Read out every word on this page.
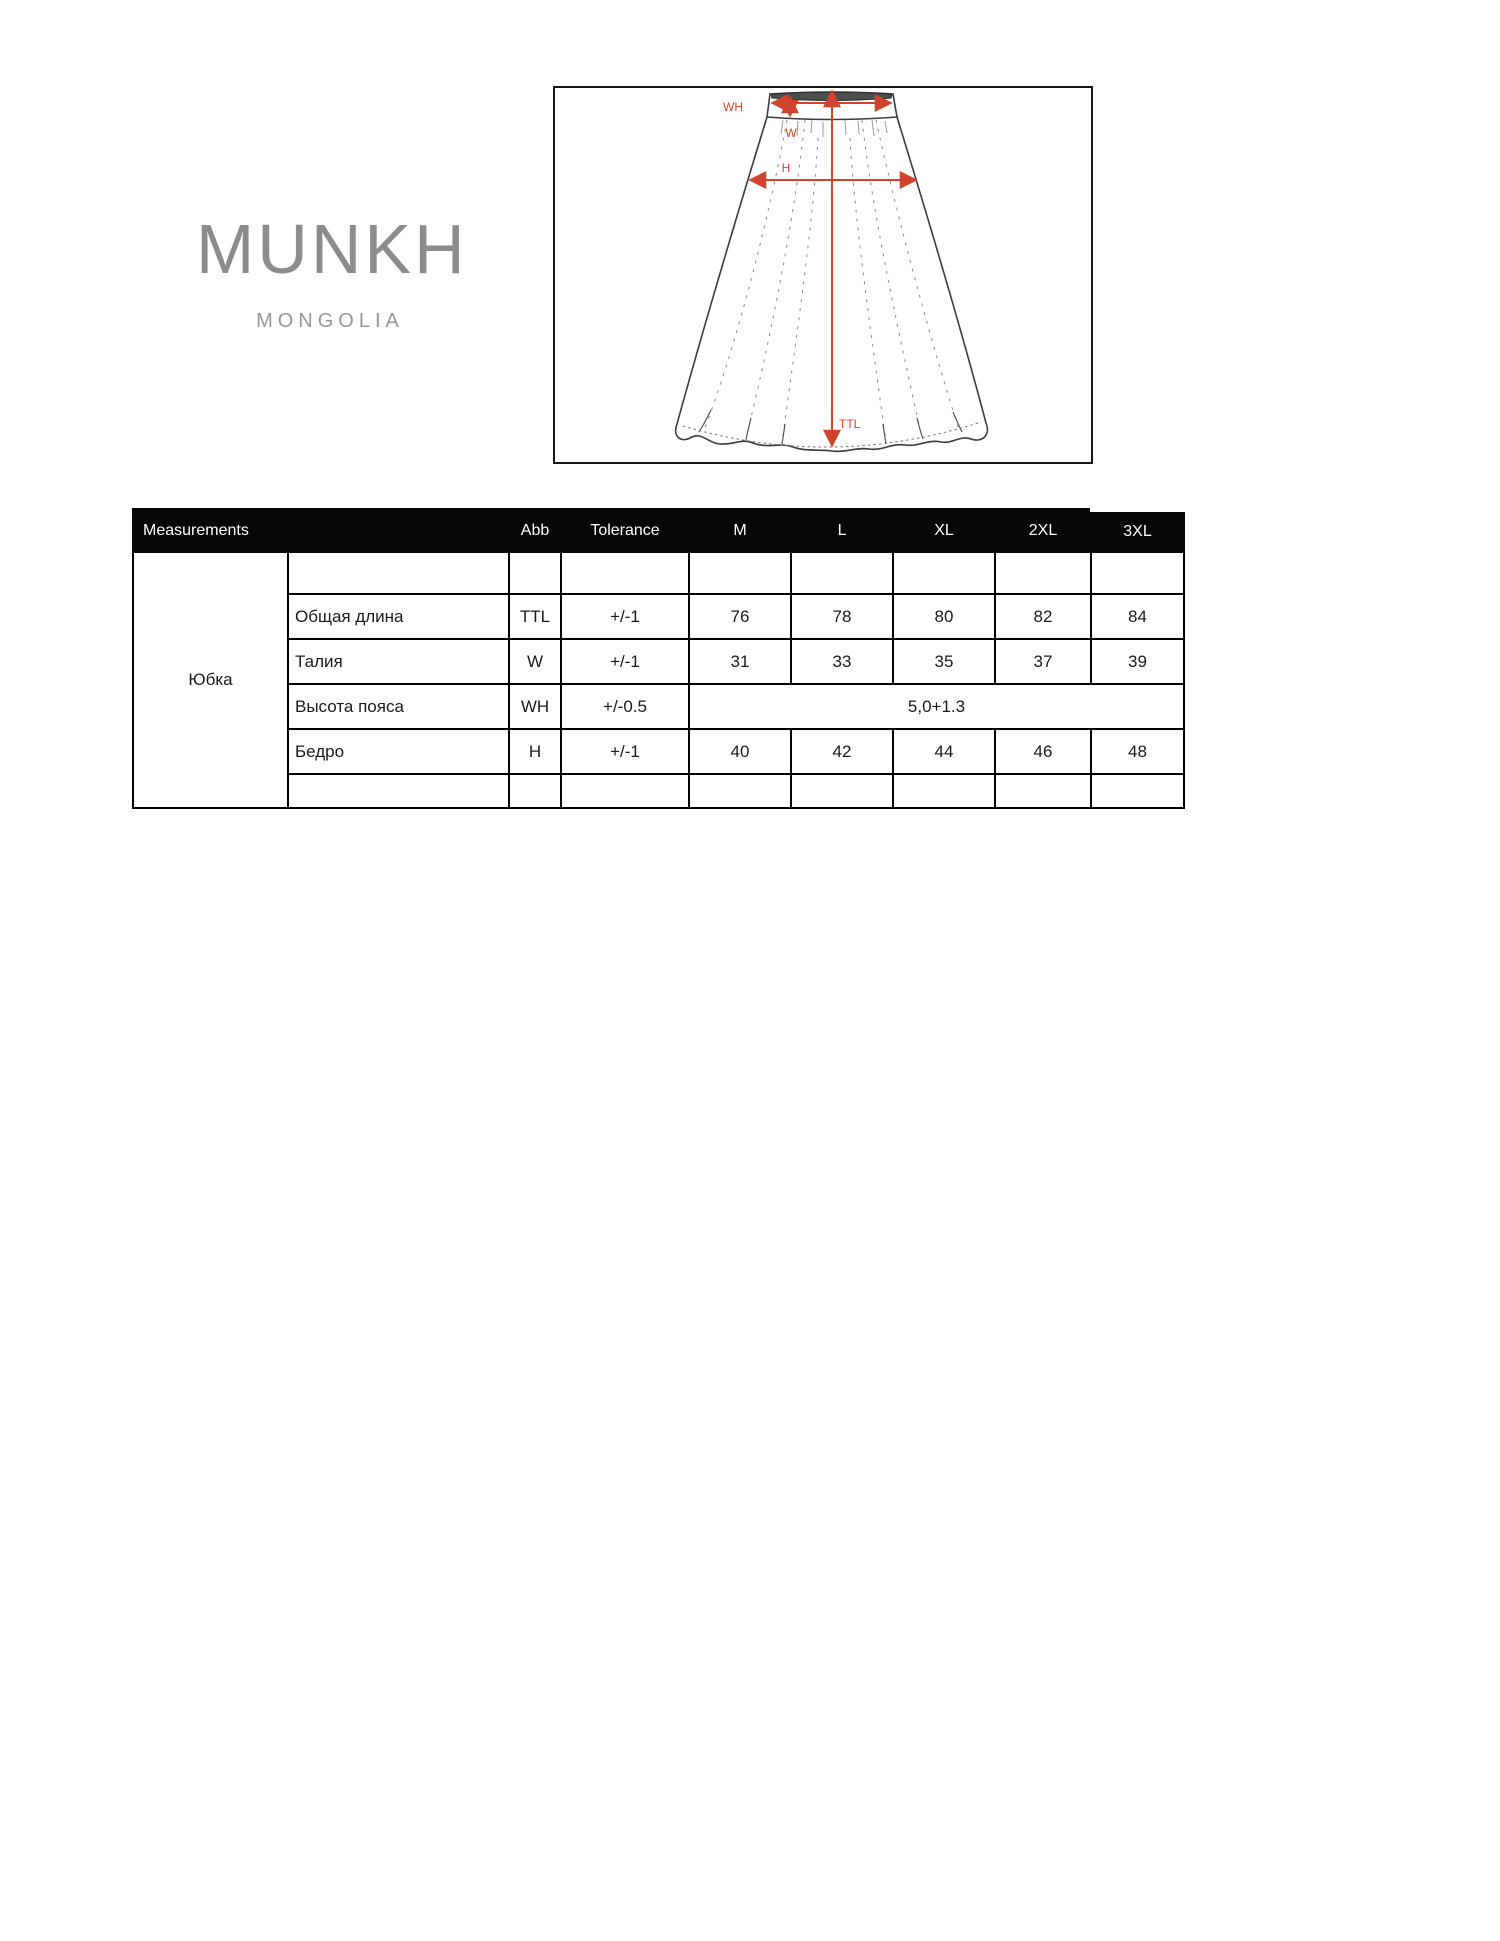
MUNKH
MONGOLIA
WH
W
H
TTL
Measurements		Abb	Tolerance	M	L	XL	2XL	3XL
Юбка								
	Общая длина	TTL	+/-1	76	78	80	82	84
	Талия	W	+/-1	31	33	35	37	39
	Высота пояса	WH	+/-0.5	5,0+1.3				
	Бедро	H	+/-1	40	42	44	46	48
